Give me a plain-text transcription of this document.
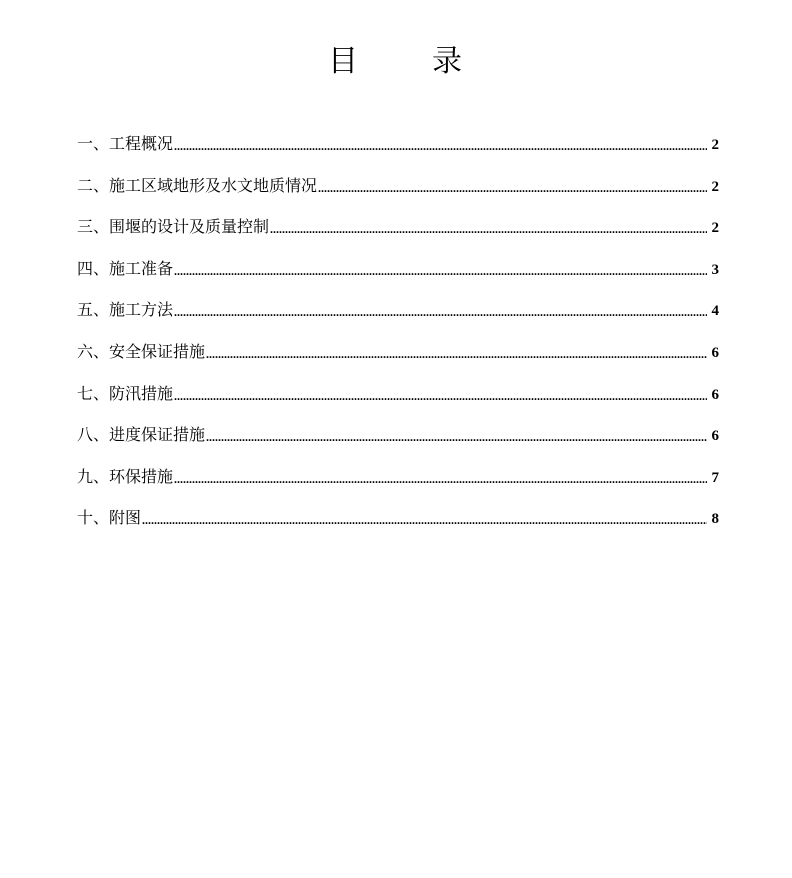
目 录
一、工程概况 .....	2
二、施工区域地形及水文地质情况 .....	2
三、围堰的设计及质量控制 .....	2
四、施工准备 .....	3
五、施工方法 .....	4
六、安全保证措施 .....	6
七、防汛措施 .....	6
八、进度保证措施 .....	6
九、环保措施 .....	7
十、附图 .....	8
